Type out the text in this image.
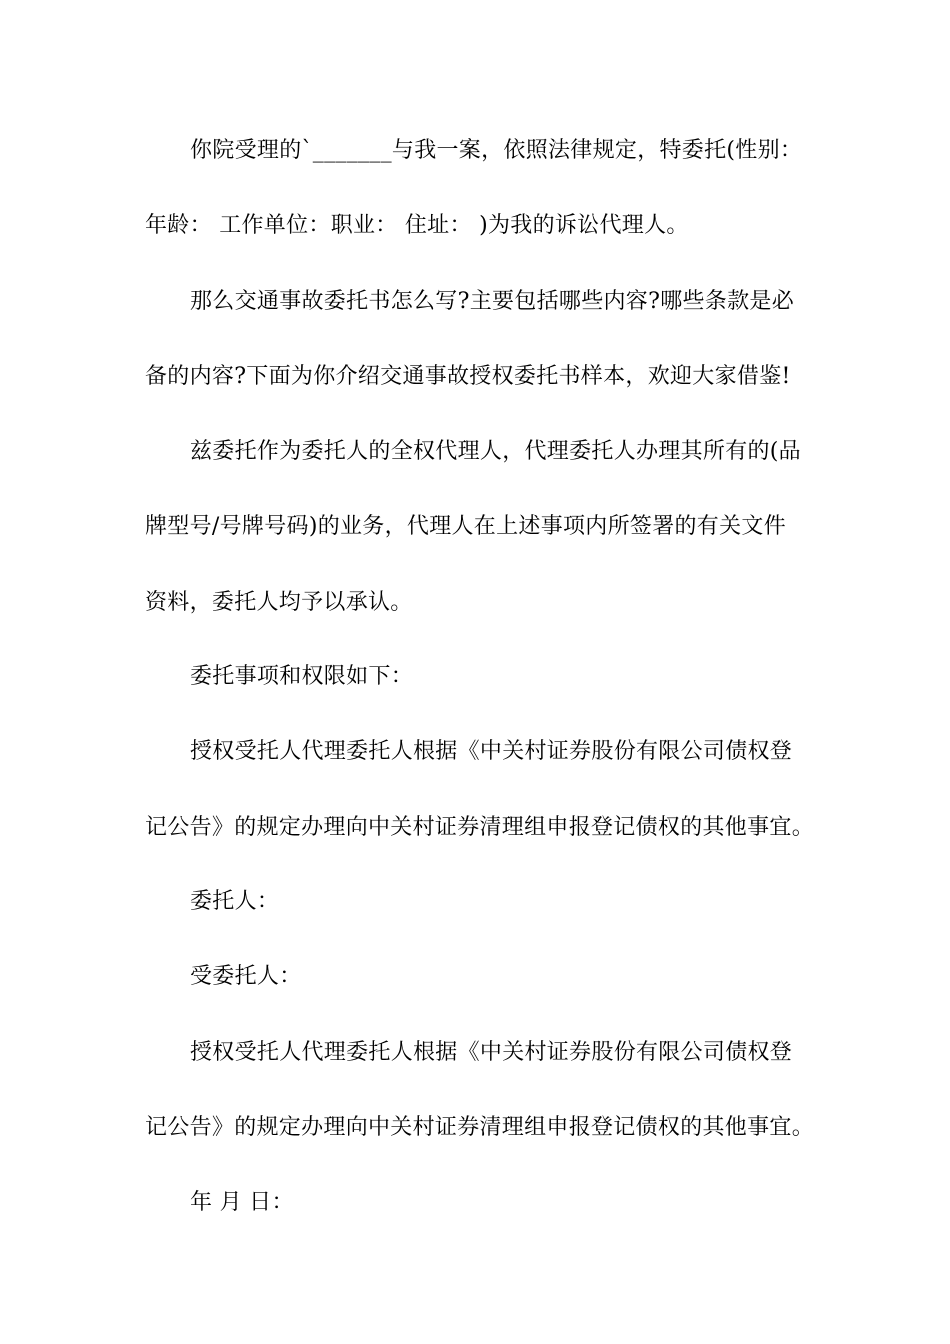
你院受理的`_______与我一案，依照法律规定，特委托(性别：
年龄： 工作单位：职业： 住址： )为我的诉讼代理人。
那么交通事故委托书怎么写?主要包括哪些内容?哪些条款是必
备的内容?下面为你介绍交通事故授权委托书样本，欢迎大家借鉴!
兹委托作为委托人的全权代理人，代理委托人办理其所有的(品
牌型号/号牌号码)的业务，代理人在上述事项内所签署的有关文件
资料，委托人均予以承认。
委托事项和权限如下：
授权受托人代理委托人根据《中关村证券股份有限公司债权登
记公告》的规定办理向中关村证券清理组申报登记债权的其他事宜。
委托人：
受委托人：
授权受托人代理委托人根据《中关村证券股份有限公司债权登
记公告》的规定办理向中关村证券清理组申报登记债权的其他事宜。
年 月 日：
